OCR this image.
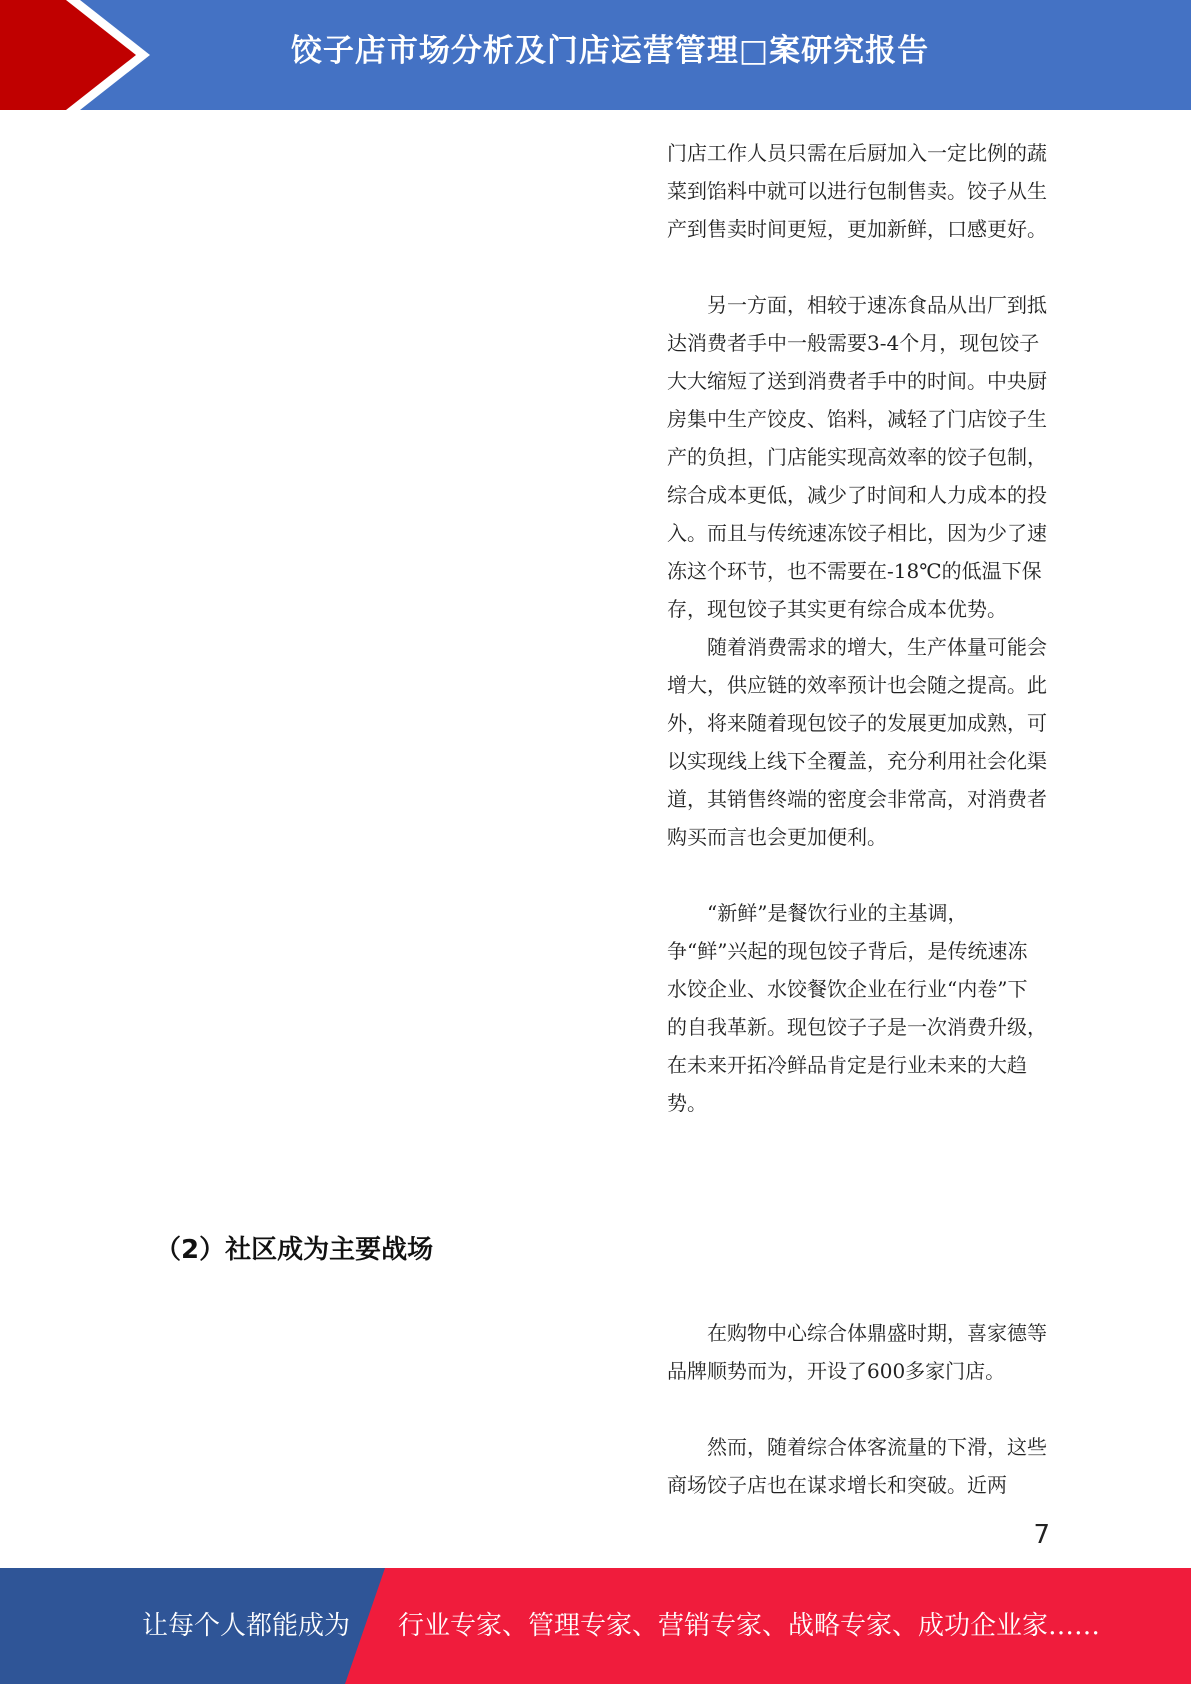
饺子店市场分析及门店运营管理□案研究报告

门店工作人员只需在后厨加入一定比例的蔬菜到馅料中就可以进行包制售卖。饺子从生产到售卖时间更短，更加新鲜，口感更好。

另一方面，相较于速冻食品从出厂到抵达消费者手中一般需要3-4个月，现包饺子大大缩短了送到消费者手中的时间。中央厨房集中生产饺皮、馅料，减轻了门店饺子生产的负担，门店能实现高效率的饺子包制，综合成本更低，减少了时间和人力成本的投入。而且与传统速冻饺子相比，因为少了速冻这个环节，也不需要在-18℃的低温下保存，现包饺子其实更有综合成本优势。

随着消费需求的增大，生产体量可能会增大，供应链的效率预计也会随之提高。此外，将来随着现包饺子的发展更加成熟，可以实现线上线下全覆盖，充分利用社会化渠道，其销售终端的密度会非常高，对消费者购买而言也会更加便利。

“新鲜”是餐饮行业的主基调，争“鲜”兴起的现包饺子背后，是传统速冻水饺企业、水饺餐饮企业在行业“内卷”下的自我革新。现包饺子子是一次消费升级，在未来开拓冷鲜品肯定是行业未来的大趋势。

（2）社区成为主要战场

在购物中心综合体鼎盛时期，喜家德等品牌顺势而为，开设了600多家门店。

然而，随着综合体客流量的下滑，这些商场饺子店也在谋求增长和突破。近两

7
让每个人都能成为 行业专家、管理专家、营销专家、战略专家、成功企业家……
